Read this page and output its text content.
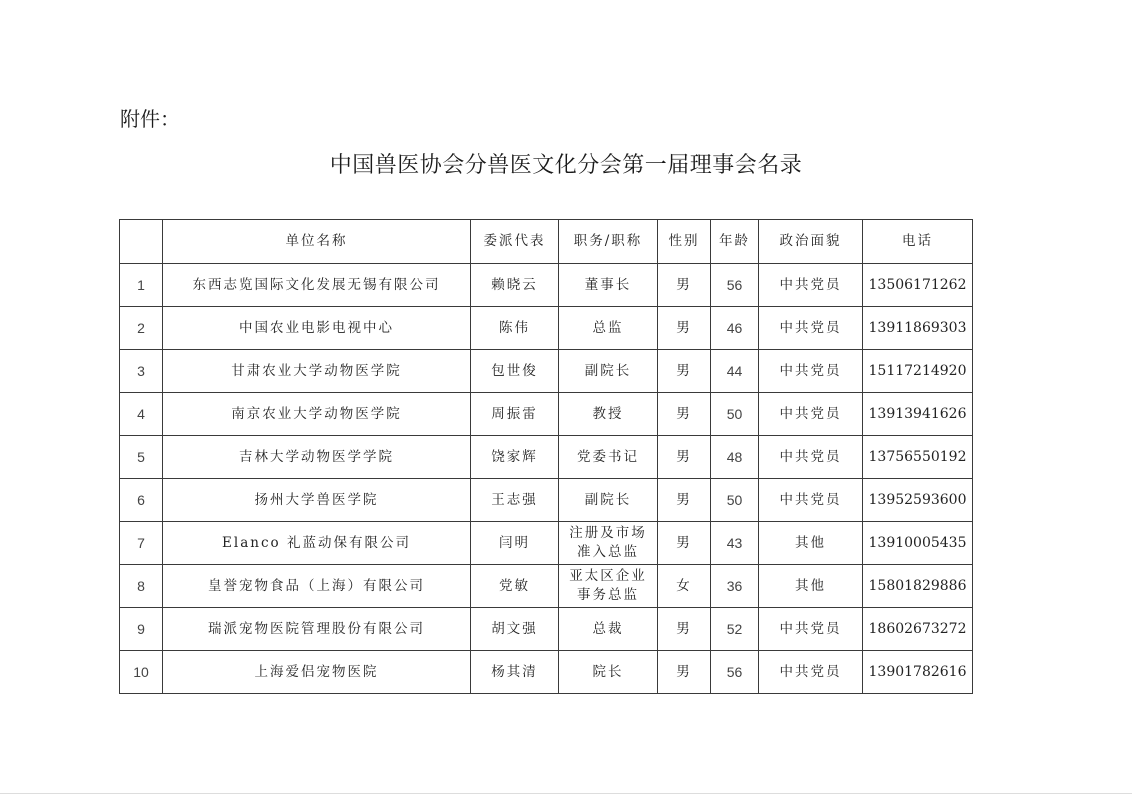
附件：
中国兽医协会分兽医文化分会第一届理事会名录
	单位名称	委派代表	职务/职称	性别	年龄	政治面貌	电话
1	东西志览国际文化发展无锡有限公司	赖晓云	董事长	男	56	中共党员	13506171262
2	中国农业电影电视中心	陈伟	总监	男	46	中共党员	13911869303
3	甘肃农业大学动物医学院	包世俊	副院长	男	44	中共党员	15117214920
4	南京农业大学动物医学院	周振雷	教授	男	50	中共党员	13913941626
5	吉林大学动物医学学院	饶家辉	党委书记	男	48	中共党员	13756550192
6	扬州大学兽医学院	王志强	副院长	男	50	中共党员	13952593600
7	Elanco 礼蓝动保有限公司	闫明	注册及市场
准入总监	男	43	其他	13910005435
8	皇誉宠物食品（上海）有限公司	党敏	亚太区企业
事务总监	女	36	其他	15801829886
9	瑞派宠物医院管理股份有限公司	胡文强	总裁	男	52	中共党员	18602673272
10	上海爱侣宠物医院	杨其清	院长	男	56	中共党员	13901782616
